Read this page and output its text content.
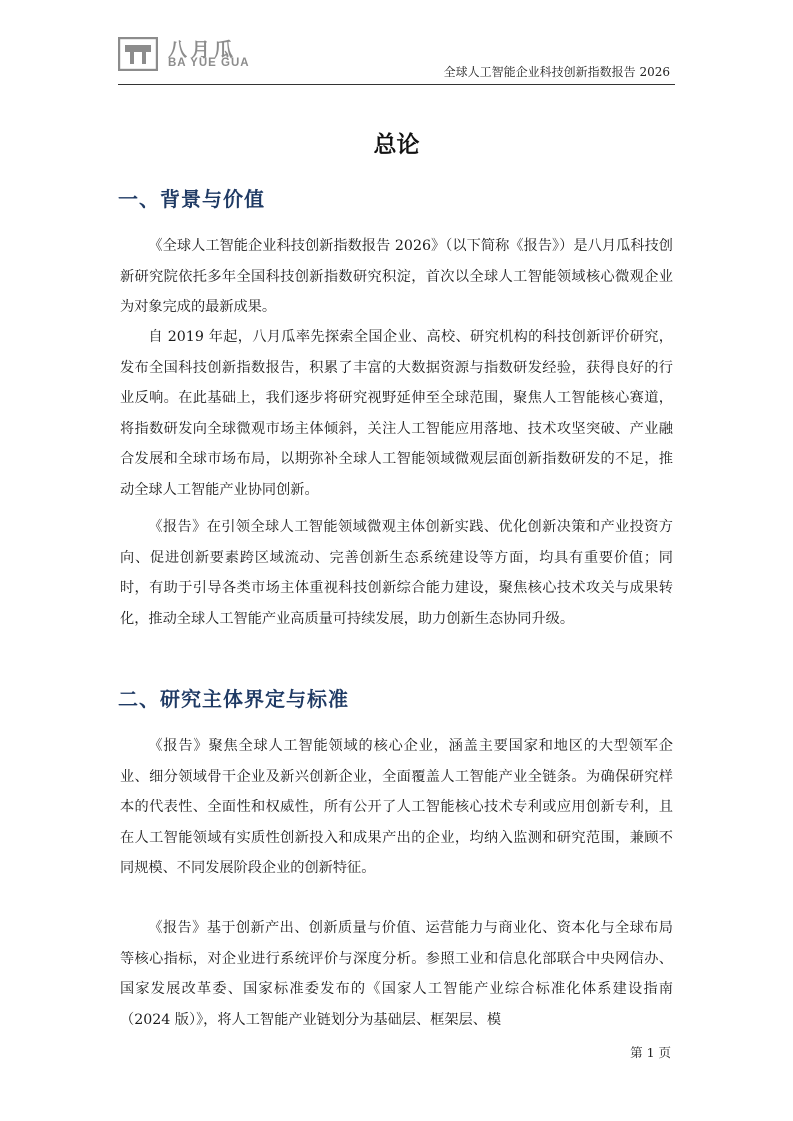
八月瓜
BA YUE GUA
全球人工智能企业科技创新指数报告 2026
总论
一、背景与价值
《全球人工智能企业科技创新指数报告 2026》（以下简称《报告》）是八月瓜科技创新研究院依托多年全国科技创新指数研究积淀，首次以全球人工智能领域核心微观企业为对象完成的最新成果。
自 2019 年起，八月瓜率先探索全国企业、高校、研究机构的科技创新评价研究，发布全国科技创新指数报告，积累了丰富的大数据资源与指数研发经验，获得良好的行业反响。在此基础上，我们逐步将研究视野延伸至全球范围，聚焦人工智能核心赛道，将指数研发向全球微观市场主体倾斜，关注人工智能应用落地、技术攻坚突破、产业融合发展和全球市场布局，以期弥补全球人工智能领域微观层面创新指数研发的不足，推动全球人工智能产业协同创新。
《报告》在引领全球人工智能领域微观主体创新实践、优化创新决策和产业投资方向、促进创新要素跨区域流动、完善创新生态系统建设等方面，均具有重要价值；同时，有助于引导各类市场主体重视科技创新综合能力建设，聚焦核心技术攻关与成果转化，推动全球人工智能产业高质量可持续发展，助力创新生态协同升级。
二、研究主体界定与标准
《报告》聚焦全球人工智能领域的核心企业，涵盖主要国家和地区的大型领军企业、细分领域骨干企业及新兴创新企业，全面覆盖人工智能产业全链条。为确保研究样本的代表性、全面性和权威性，所有公开了人工智能核心技术专利或应用创新专利，且在人工智能领域有实质性创新投入和成果产出的企业，均纳入监测和研究范围，兼顾不同规模、不同发展阶段企业的创新特征。
《报告》基于创新产出、创新质量与价值、运营能力与商业化、资本化与全球布局等核心指标，对企业进行系统评价与深度分析。参照工业和信息化部联合中央网信办、国家发展改革委、国家标准委发布的《国家人工智能产业综合标准化体系建设指南（2024 版）》，将人工智能产业链划分为基础层、框架层、模
第 1 页
